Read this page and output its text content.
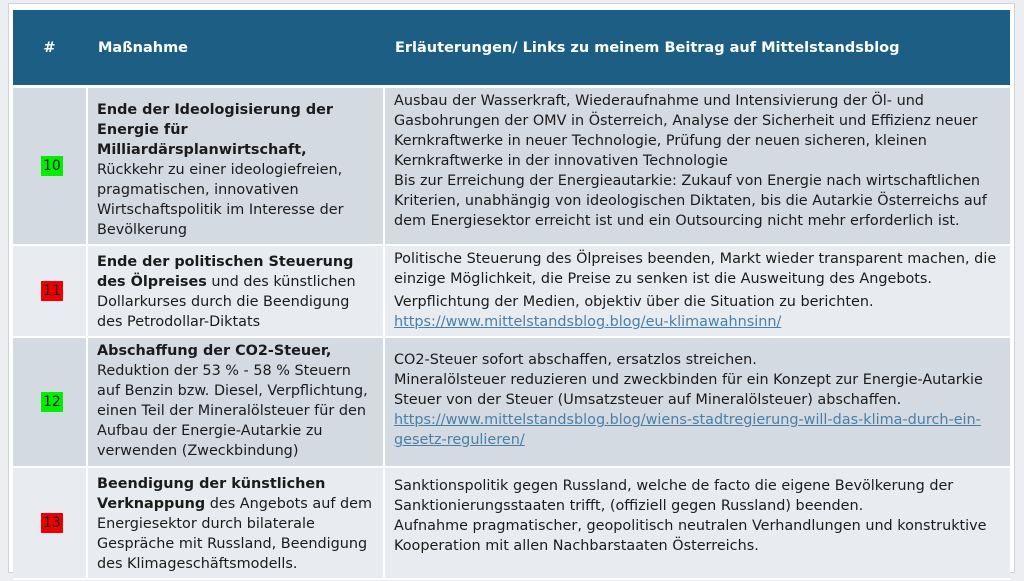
#	Maßnahme	Erläuterungen/ Links zu meinem Beitrag auf Mittelstandsblog
10	Ende der Ideologisierung der Energie für Milliardärsplanwirtschaft,
Rückkehr zu einer ideologiefreien, pragmatischen, innovativen Wirtschaftspolitik im Interesse der Bevölkerung	Ausbau der Wasserkraft, Wiederaufnahme und Intensivierung der Öl- und Gasbohrungen der OMV in Österreich, Analyse der Sicherheit und Effizienz neuer Kernkraftwerke in neuer Technologie, Prüfung der neuen sicheren, kleinen Kernkraftwerke in der innovativen Technologie
Bis zur Erreichung der Energieautarkie: Zukauf von Energie nach wirtschaftlichen Kriterien, unabhängig von ideologischen Diktaten, bis die Autarkie Österreichs auf dem Energiesektor erreicht ist und ein Outsourcing nicht mehr erforderlich ist.

11	Ende der politischen Steuerung des Ölpreises und des künstlichen Dollarkurses durch die Beendigung des Petrodollar-Diktats	Politische Steuerung des Ölpreises beenden, Markt wieder transparent machen, die einzige Möglichkeit, die Preise zu senken ist die Ausweitung des Angebots.
Verpflichtung der Medien, objektiv über die Situation zu berichten.
https://www.mittelstandsblog.blog/eu-klimawahnsinn/

12	Abschaffung der CO2-Steuer,
Reduktion der 53 % - 58 % Steuern auf Benzin bzw. Diesel, Verpflichtung, einen Teil der Mineralölsteuer für den Aufbau der Energie-Autarkie zu verwenden (Zweckbindung)	CO2-Steuer sofort abschaffen, ersatzlos streichen.
Mineralölsteuer reduzieren und zweckbinden für ein Konzept zur Energie-Autarkie Steuer von der Steuer (Umsatzsteuer auf Mineralölsteuer) abschaffen.
https://www.mittelstandsblog.blog/wiens-stadtregierung-will-das-klima-durch-ein-gesetz-regulieren/

13	Beendigung der künstlichen Verknappung des Angebots auf dem Energiesektor durch bilaterale Gespräche mit Russland, Beendigung des Klimageschäftsmodells.	Sanktionspolitik gegen Russland, welche de facto die eigene Bevölkerung der Sanktionierungsstaaten trifft, (offiziell gegen Russland) beenden.
Aufnahme pragmatischer, geopolitisch neutralen Verhandlungen und konstruktive Kooperation mit allen Nachbarstaaten Österreichs.
